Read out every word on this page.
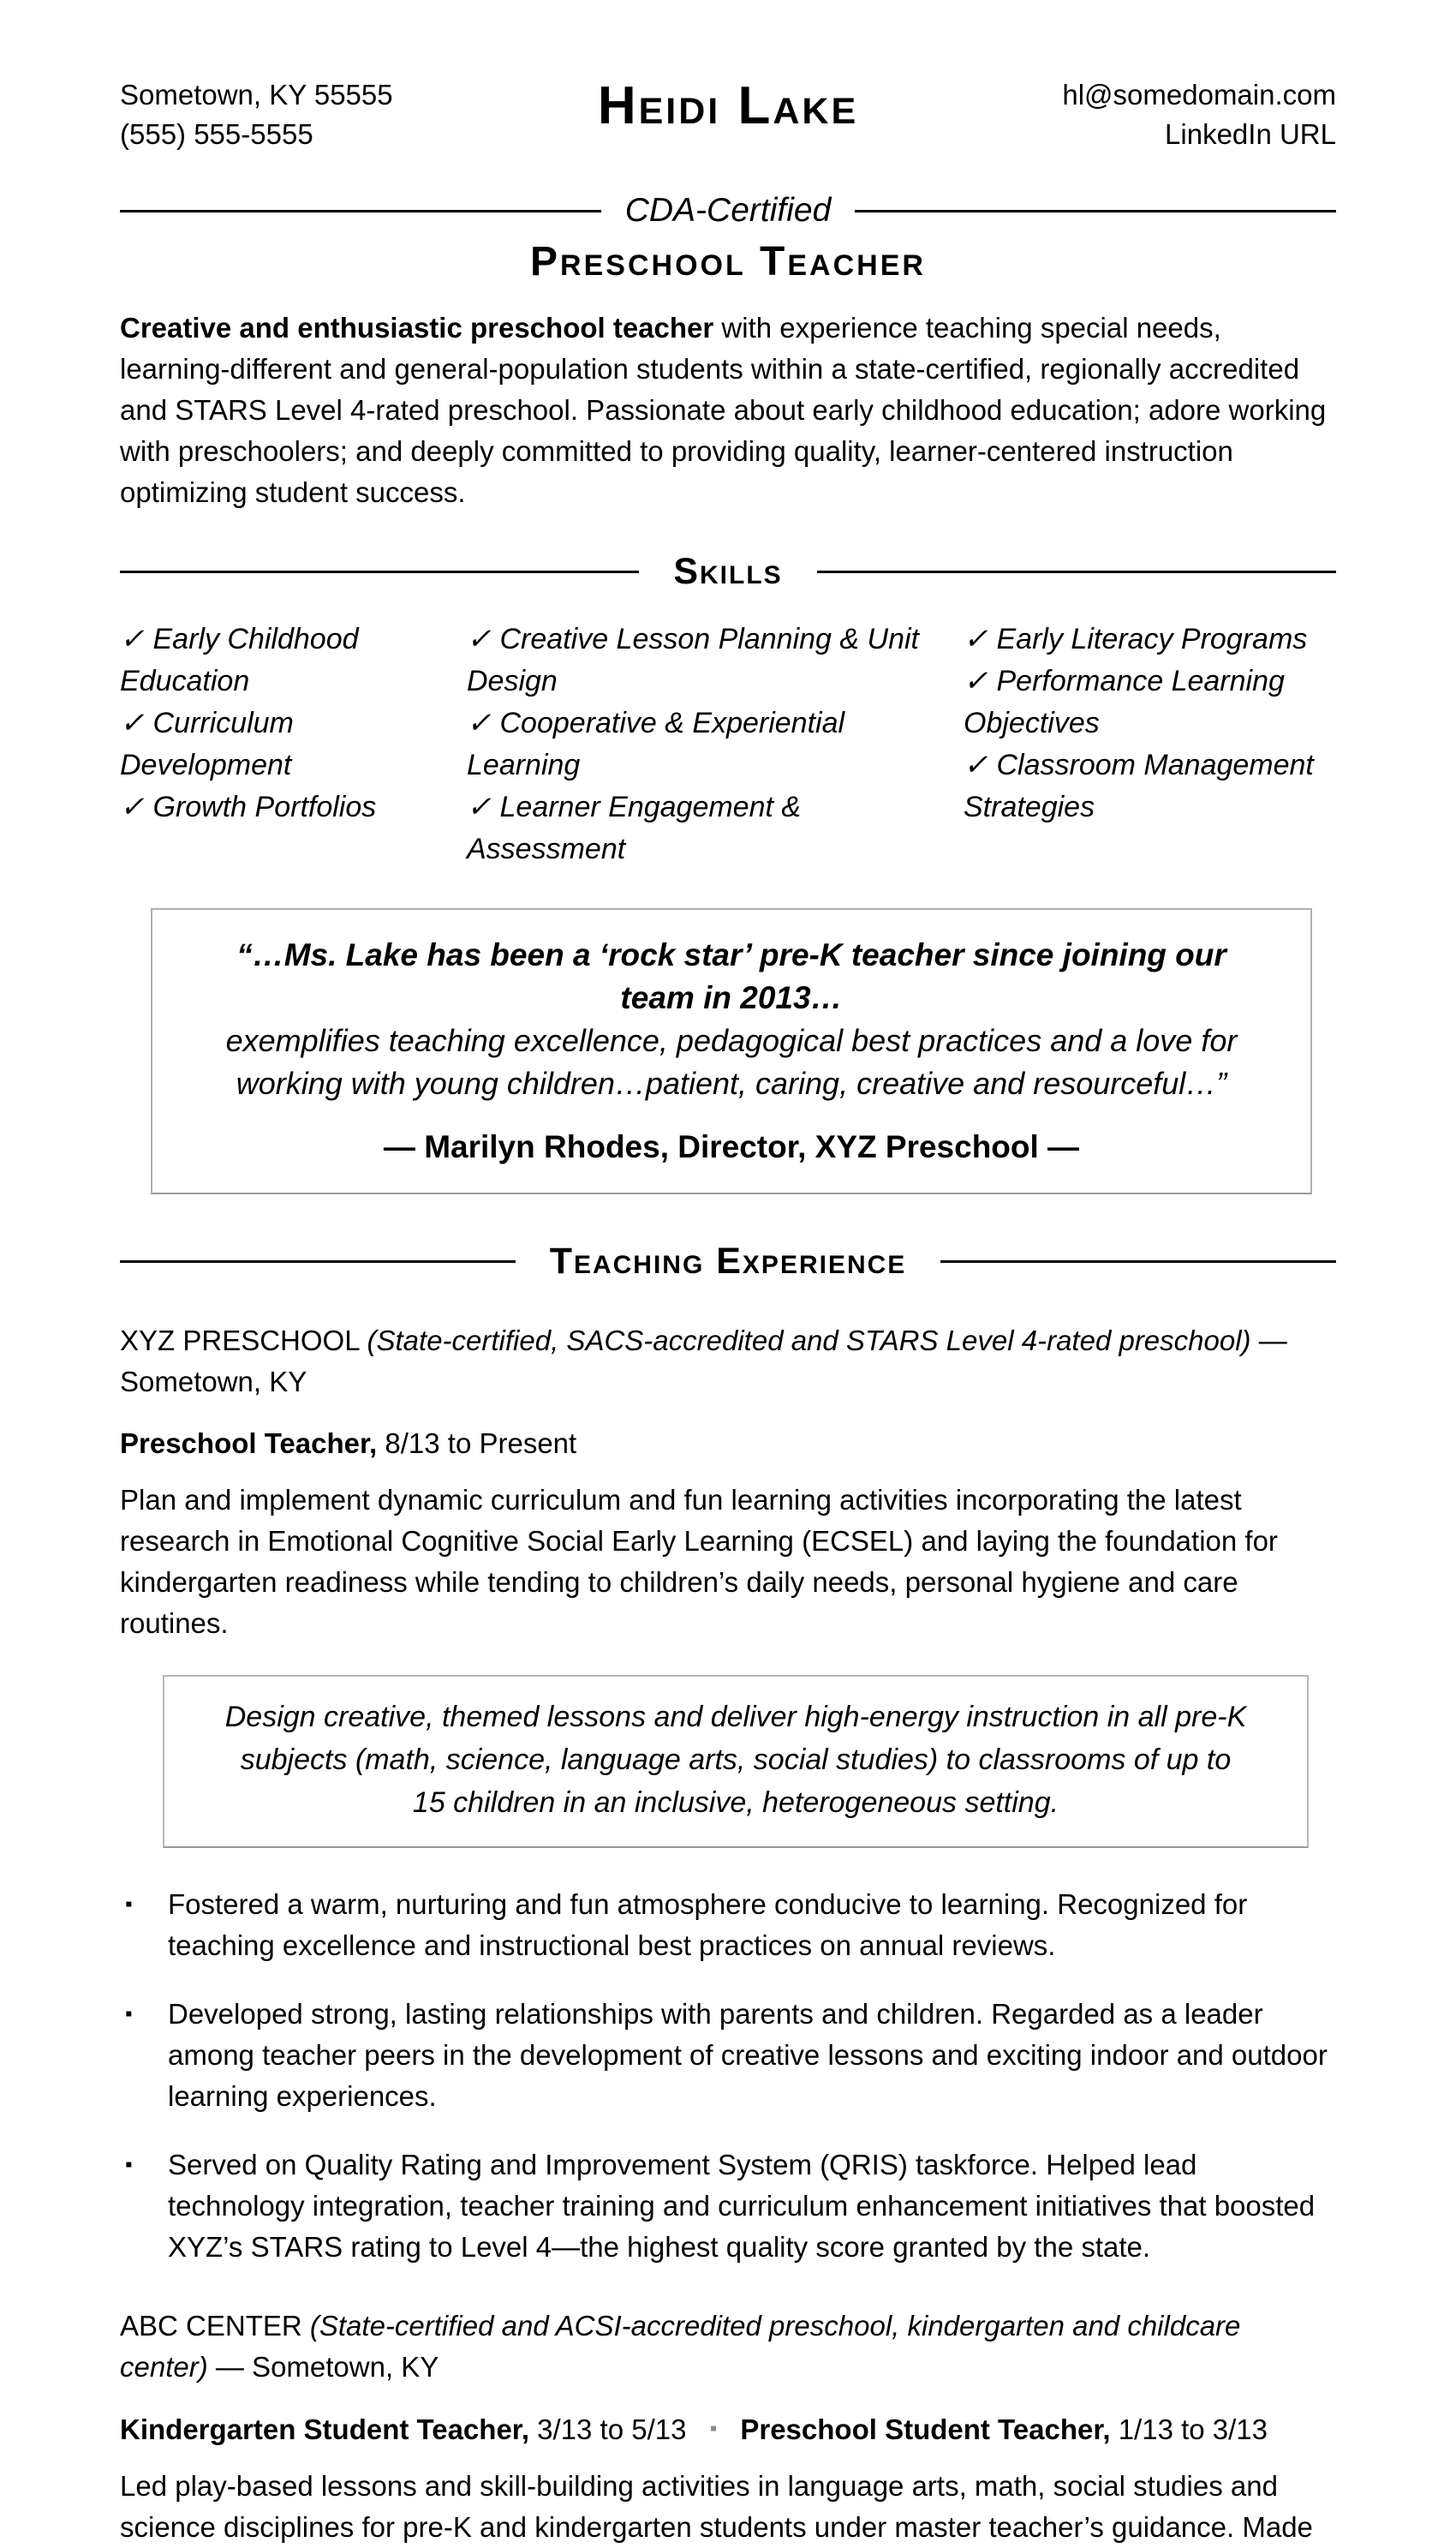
Sometown, KY 55555
(555) 555-5555	Heidi Lake	hl@somedomain.com
LinkedIn URL
CDA-Certified
Preschool Teacher
Creative and enthusiastic preschool teacher with experience teaching special needs, learning-different and general-population students within a state-certified, regionally accredited and STARS Level 4-rated preschool. Passionate about early childhood education; adore working with preschoolers; and deeply committed to providing quality, learner-centered instruction optimizing student success.
Skills
✓ Early Childhood Education
✓ Curriculum Development
✓ Growth Portfolios
✓ Creative Lesson Planning & Unit Design
✓ Cooperative & Experiential Learning
✓ Learner Engagement & Assessment
✓ Early Literacy Programs
✓ Performance Learning Objectives
✓ Classroom Management Strategies
“…Ms. Lake has been a ‘rock star’ pre-K teacher since joining our team in 2013…
exemplifies teaching excellence, pedagogical best practices and a love for working with young children…patient, caring, creative and resourceful…”
— Marilyn Rhodes, Director, XYZ Preschool —
Teaching Experience
XYZ PRESCHOOL (State-certified, SACS-accredited and STARS Level 4-rated preschool) — Sometown, KY
Preschool Teacher, 8/13 to Present
Plan and implement dynamic curriculum and fun learning activities incorporating the latest research in Emotional Cognitive Social Early Learning (ECSEL) and laying the foundation for kindergarten readiness while tending to children’s daily needs, personal hygiene and care routines.
Design creative, themed lessons and deliver high-energy instruction in all pre-K subjects (math, science, language arts, social studies) to classrooms of up to 15 children in an inclusive, heterogeneous setting.
▪	Fostered a warm, nurturing and fun atmosphere conducive to learning. Recognized for teaching excellence and instructional best practices on annual reviews.
▪	Developed strong, lasting relationships with parents and children. Regarded as a leader among teacher peers in the development of creative lessons and exciting indoor and outdoor learning experiences.
▪	Served on Quality Rating and Improvement System (QRIS) taskforce. Helped lead technology integration, teacher training and curriculum enhancement initiatives that boosted XYZ’s STARS rating to Level 4—the highest quality score granted by the state.
ABC CENTER (State-certified and ACSI-accredited preschool, kindergarten and childcare center) — Sometown, KY
Kindergarten Student Teacher, 3/13 to 5/13 ▪ Preschool Student Teacher, 1/13 to 3/13
Led play-based lessons and skill-building activities in language arts, math, social studies and science disciplines for pre-K and kindergarten students under master teacher’s guidance. Made
